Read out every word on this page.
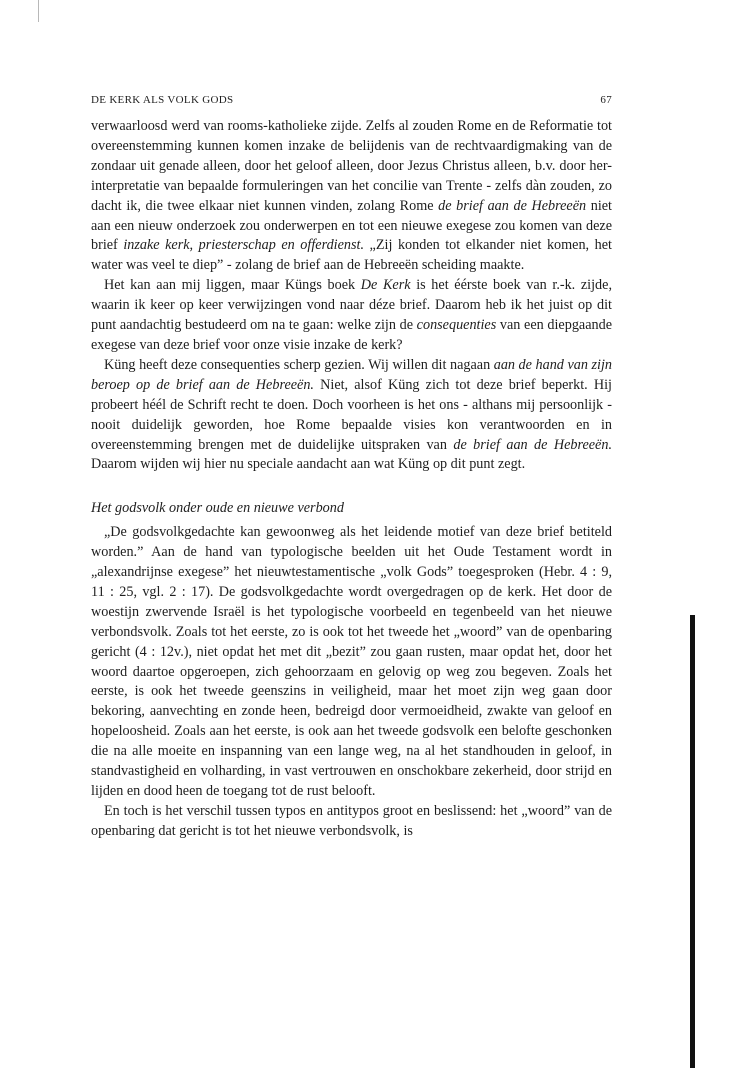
DE KERK ALS VOLK GODS	67

verwaarloosd werd van rooms-katholieke zijde. Zelfs al zouden Rome en de Reformatie tot overeenstemming kunnen komen inzake de belijdenis van de rechtvaardigmaking van de zondaar uit genade alleen, door het geloof alleen, door Jezus Christus alleen, b.v. door her-interpretatie van bepaalde formuleringen van het concilie van Trente - zelfs dàn zouden, zo dacht ik, die twee elkaar niet kunnen vinden, zolang Rome de brief aan de Hebreeën niet aan een nieuw onderzoek zou onderwerpen en tot een nieuwe exegese zou komen van deze brief inzake kerk, priesterschap en offerdienst. „Zij konden tot elkander niet komen, het water was veel te diep” - zolang de brief aan de Hebreeën scheiding maakte.

Het kan aan mij liggen, maar Küngs boek De Kerk is het éérste boek van r.-k. zijde, waarin ik keer op keer verwijzingen vond naar déze brief. Daarom heb ik het juist op dit punt aandachtig bestudeerd om na te gaan: welke zijn de consequenties van een diepgaande exegese van deze brief voor onze visie inzake de kerk?

Küng heeft deze consequenties scherp gezien. Wij willen dit nagaan aan de hand van zijn beroep op de brief aan de Hebreeën. Niet, alsof Küng zich tot deze brief beperkt. Hij probeert héél de Schrift recht te doen. Doch voorheen is het ons - althans mij persoonlijk - nooit duidelijk geworden, hoe Rome bepaalde visies kon verantwoorden en in overeenstemming brengen met de duidelijke uitspraken van de brief aan de Hebreeën. Daarom wijden wij hier nu speciale aandacht aan wat Küng op dit punt zegt.

Het godsvolk onder oude en nieuwe verbond

„De godsvolkgedachte kan gewoonweg als het leidende motief van deze brief betiteld worden.” Aan de hand van typologische beelden uit het Oude Testament wordt in „alexandrijnse exegese” het nieuwtestamentische „volk Gods” toegesproken (Hebr. 4 : 9, 11 : 25, vgl. 2 : 17). De godsvolkgedachte wordt overgedragen op de kerk. Het door de woestijn zwervende Israël is het typologische voorbeeld en tegenbeeld van het nieuwe verbondsvolk. Zoals tot het eerste, zo is ook tot het tweede het „woord” van de openbaring gericht (4 : 12v.), niet opdat het met dit „bezit” zou gaan rusten, maar opdat het, door het woord daartoe opgeroepen, zich gehoorzaam en gelovig op weg zou begeven. Zoals het eerste, is ook het tweede geenszins in veiligheid, maar het moet zijn weg gaan door bekoring, aanvechting en zonde heen, bedreigd door vermoeidheid, zwakte van geloof en hopeloosheid. Zoals aan het eerste, is ook aan het tweede godsvolk een belofte geschonken die na alle moeite en inspanning van een lange weg, na al het standhouden in geloof, in standvastigheid en volharding, in vast vertrouwen en onschokbare zekerheid, door strijd en lijden en dood heen de toegang tot de rust belooft.

En toch is het verschil tussen typos en antitypos groot en beslissend: het „woord” van de openbaring dat gericht is tot het nieuwe verbondsvolk, is
